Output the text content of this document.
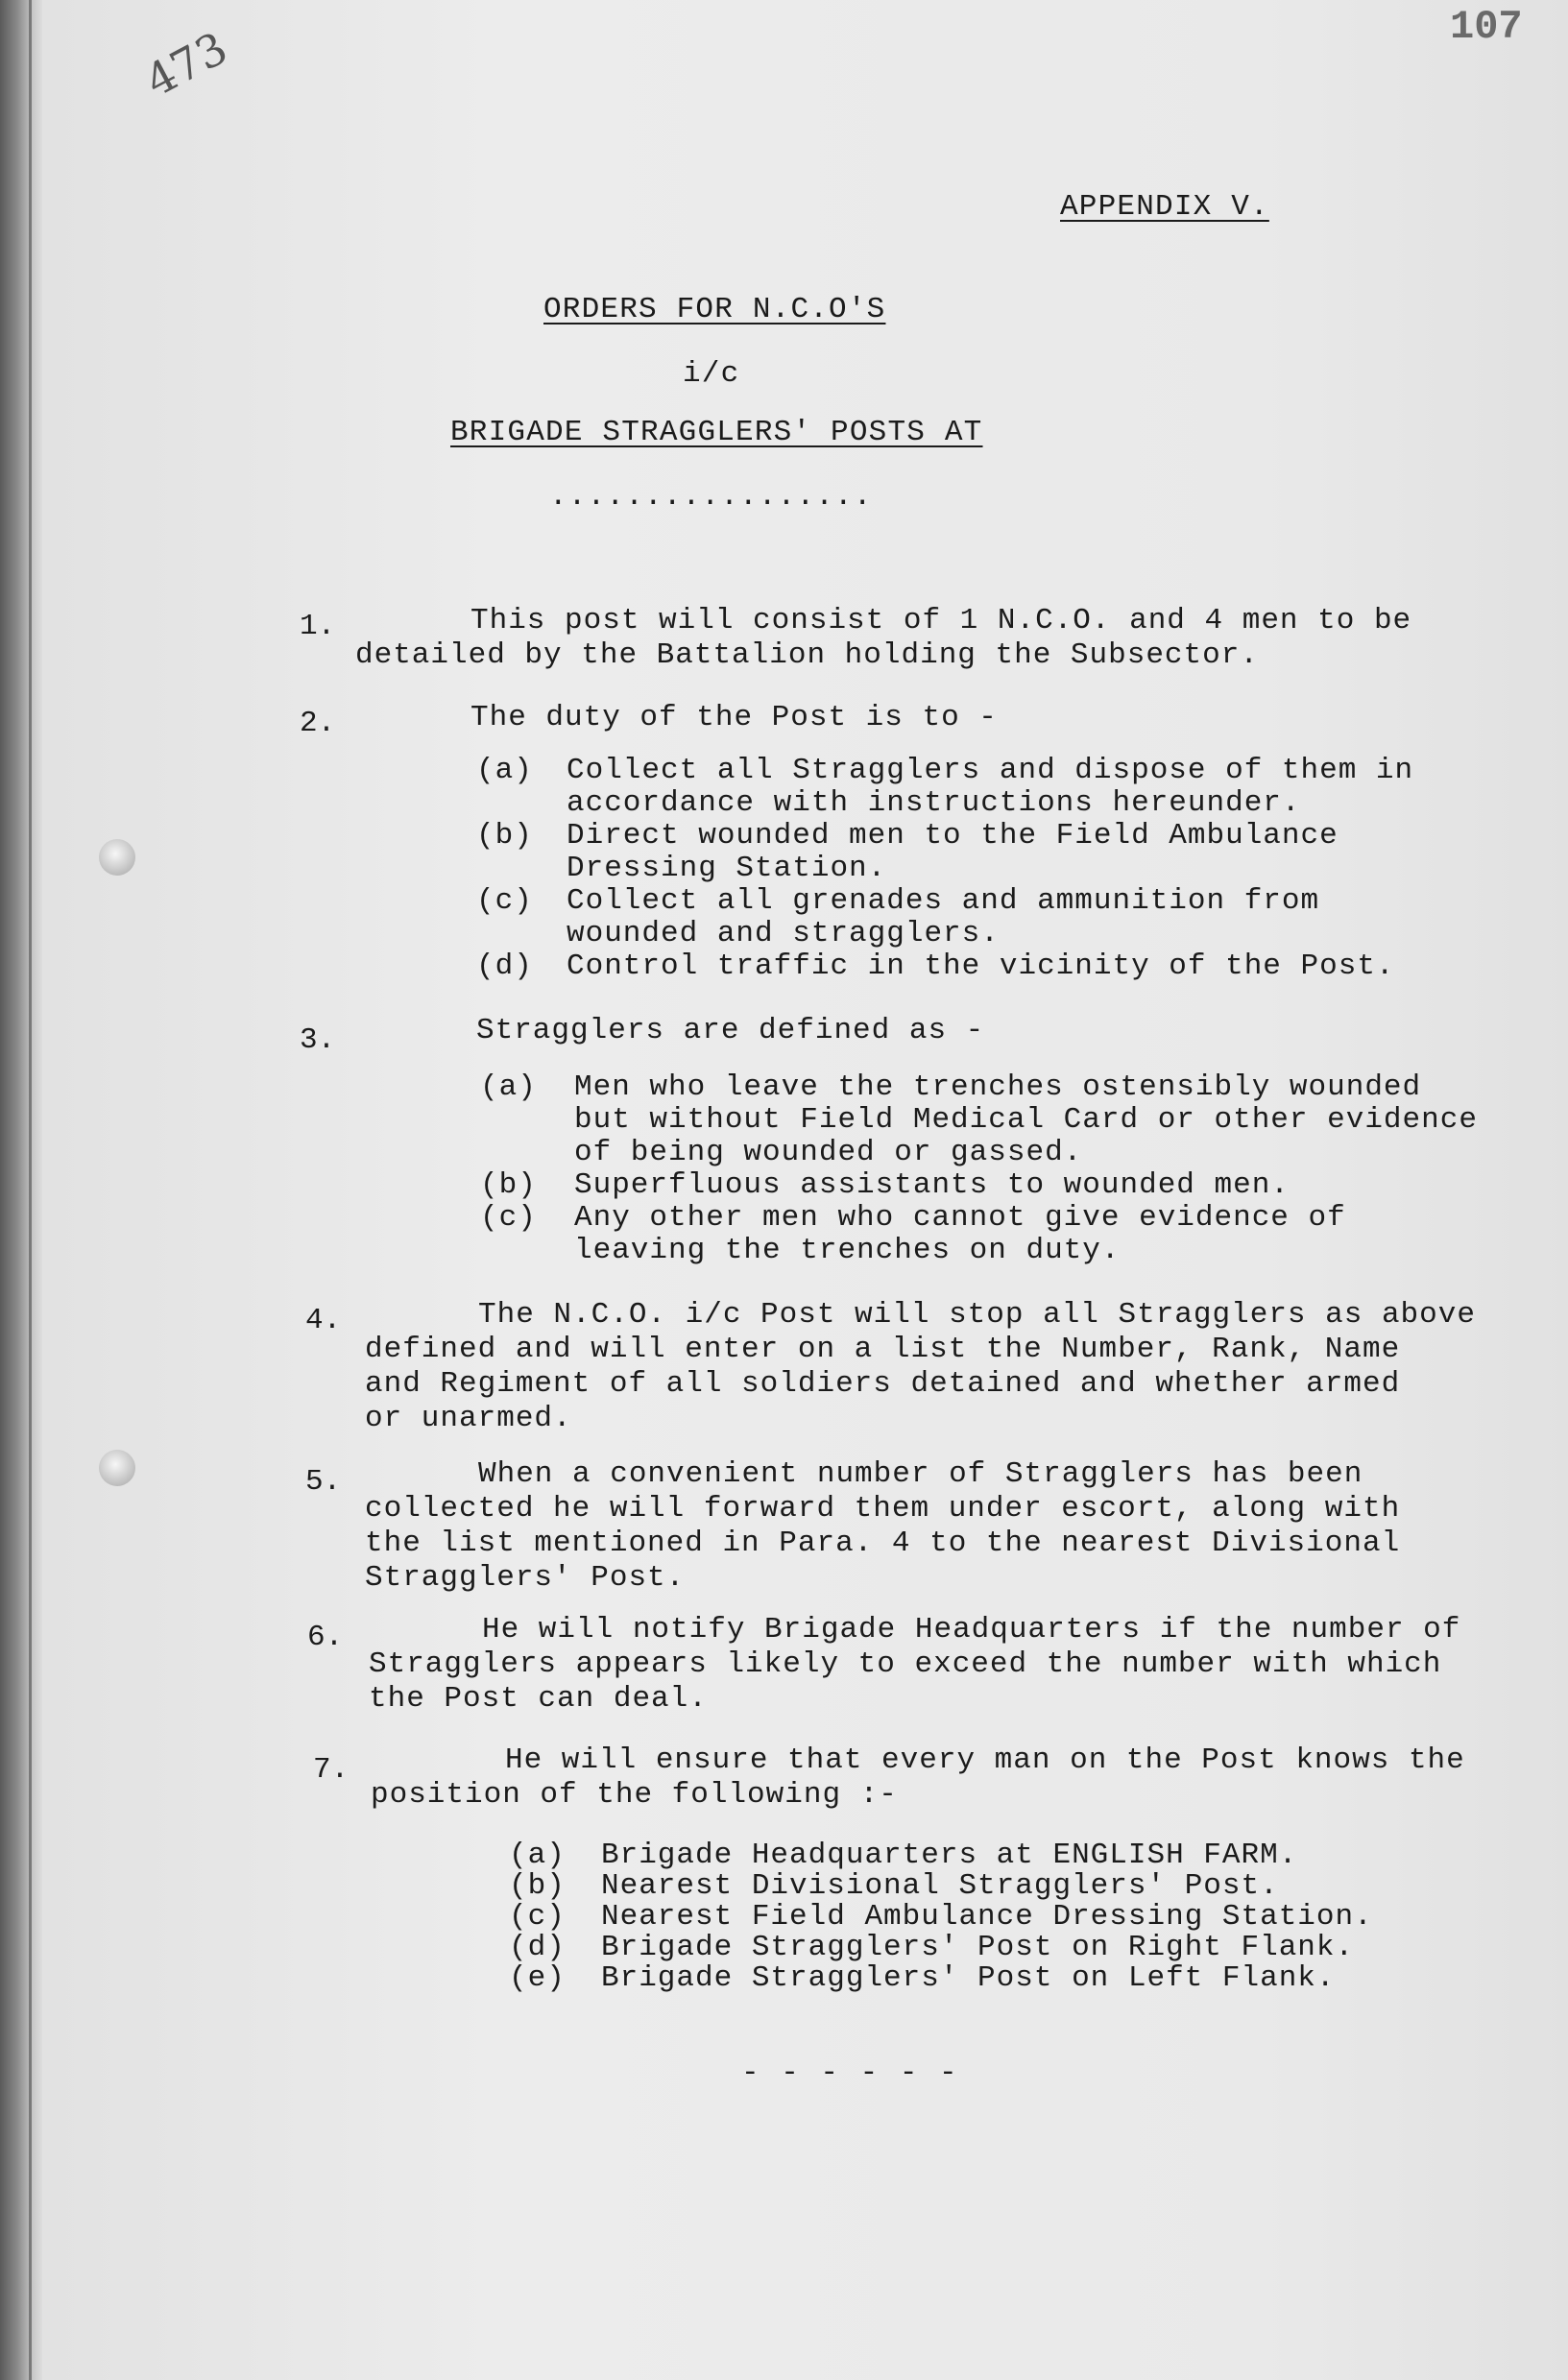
473	107
APPENDIX V.
ORDERS FOR N.C.O'S
i/c
BRIGADE STRAGGLERS' POSTS AT
.................
1.	This post will consist of 1 N.C.O. and 4 men to be
detailed by the Battalion holding the Subsector.
2.	The duty of the Post is to -
(a) Collect all Stragglers and dispose of them in
accordance with instructions hereunder.
(b) Direct wounded men to the Field Ambulance
Dressing Station.
(c) Collect all grenades and ammunition from
wounded and stragglers.
(d) Control traffic in the vicinity of the Post.
3.	Stragglers are defined as -
(a) Men who leave the trenches ostensibly wounded
but without Field Medical Card or other evidence
of being wounded or gassed.
(b) Superfluous assistants to wounded men.
(c) Any other men who cannot give evidence of
leaving the trenches on duty.
4.	The N.C.O. i/c Post will stop all Stragglers as above
defined and will enter on a list the Number, Rank, Name
and Regiment of all soldiers detained and whether armed
or unarmed.
5.	When a convenient number of Stragglers has been
collected he will forward them under escort, along with
the list mentioned in Para. 4 to the nearest Divisional
Stragglers' Post.
6.	He will notify Brigade Headquarters if the number of
Stragglers appears likely to exceed the number with which
the Post can deal.
7.	He will ensure that every man on the Post knows the
position of the following :-
(a) Brigade Headquarters at ENGLISH FARM.
(b) Nearest Divisional Stragglers' Post.
(c) Nearest Field Ambulance Dressing Station.
(d) Brigade Stragglers' Post on Right Flank.
(e) Brigade Stragglers' Post on Left Flank.
- - - - - -
